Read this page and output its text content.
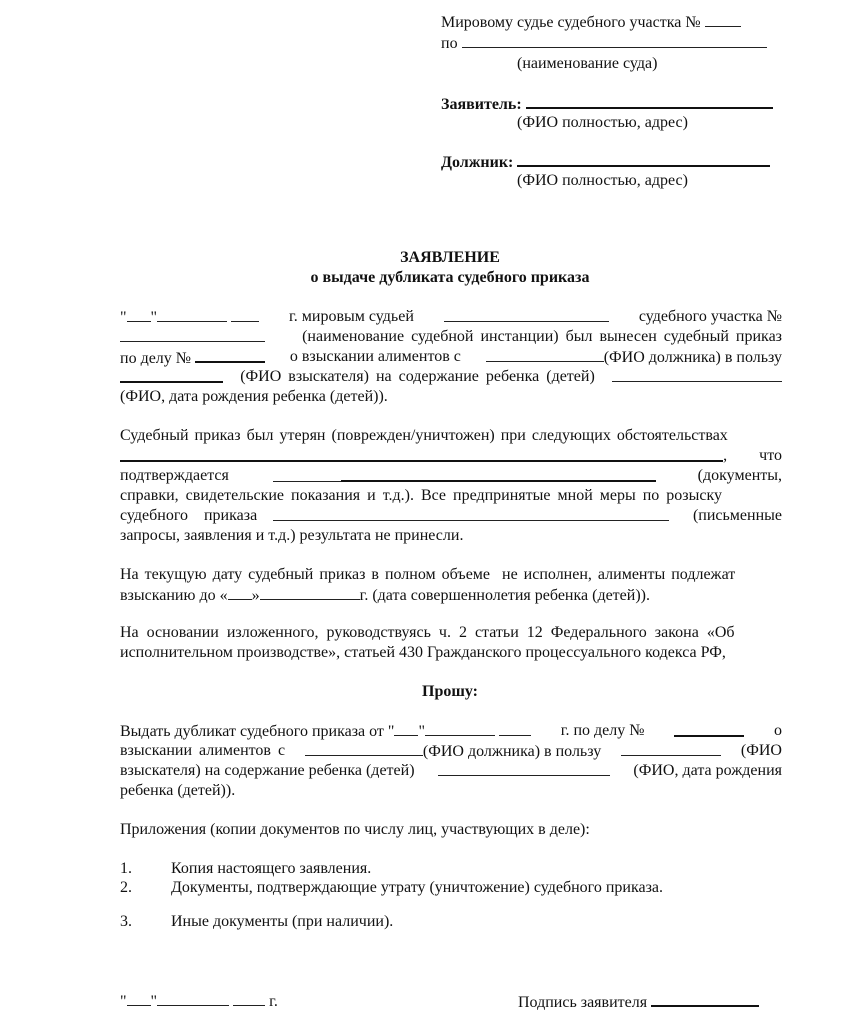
Мировому судье судебного участка №
по
(наименование суда)
Заявитель:
(ФИО полностью, адрес)
Должник:
(ФИО полностью, адрес)
ЗАЯВЛЕНИЕ
о выдаче дубликата судебного приказа
" "	г. мировым судьей	судебного участка №
(наименование судебной инстанции) был вынесен судебный приказ
по делу №	о взыскании алиментов с	(ФИО должника) в пользу
(ФИО взыскателя) на содержание ребенка (детей)
(ФИО, дата рождения ребенка (детей)).
Судебный приказ был утерян (поврежден/уничтожен) при следующих обстоятельствах
,        что
подтверждается	(документы,
справки, свидетельские показания и т.д.). Все предпринятые мной меры по розыску
судебного    приказа	(письменные
запросы, заявления и т.д.) результата не принесли.
На текущую дату судебный приказ в полном объеме  не исполнен, алименты подлежат
взысканию до « »	г. (дата совершеннолетия ребенка (детей)).
На основании изложенного, руководствуясь ч. 2 статьи 12 Федерального закона «Об
исполнительном производстве», статьей 430 Гражданского процессуального кодекса РФ,
Прошу:
Выдать дубликат судебного приказа от " "	г. по делу №	о
взыскании алиментов с	(ФИО должника) в пользу	(ФИО
взыскателя) на содержание ребенка (детей)	(ФИО, дата рождения
ребенка (детей)).
Приложения (копии документов по числу лиц, участвующих в деле):
1. Копия настоящего заявления.
2. Документы, подтверждающие утрату (уничтожение) судебного приказа.
3. Иные документы (при наличии).
" "	г.	Подпись заявителя
